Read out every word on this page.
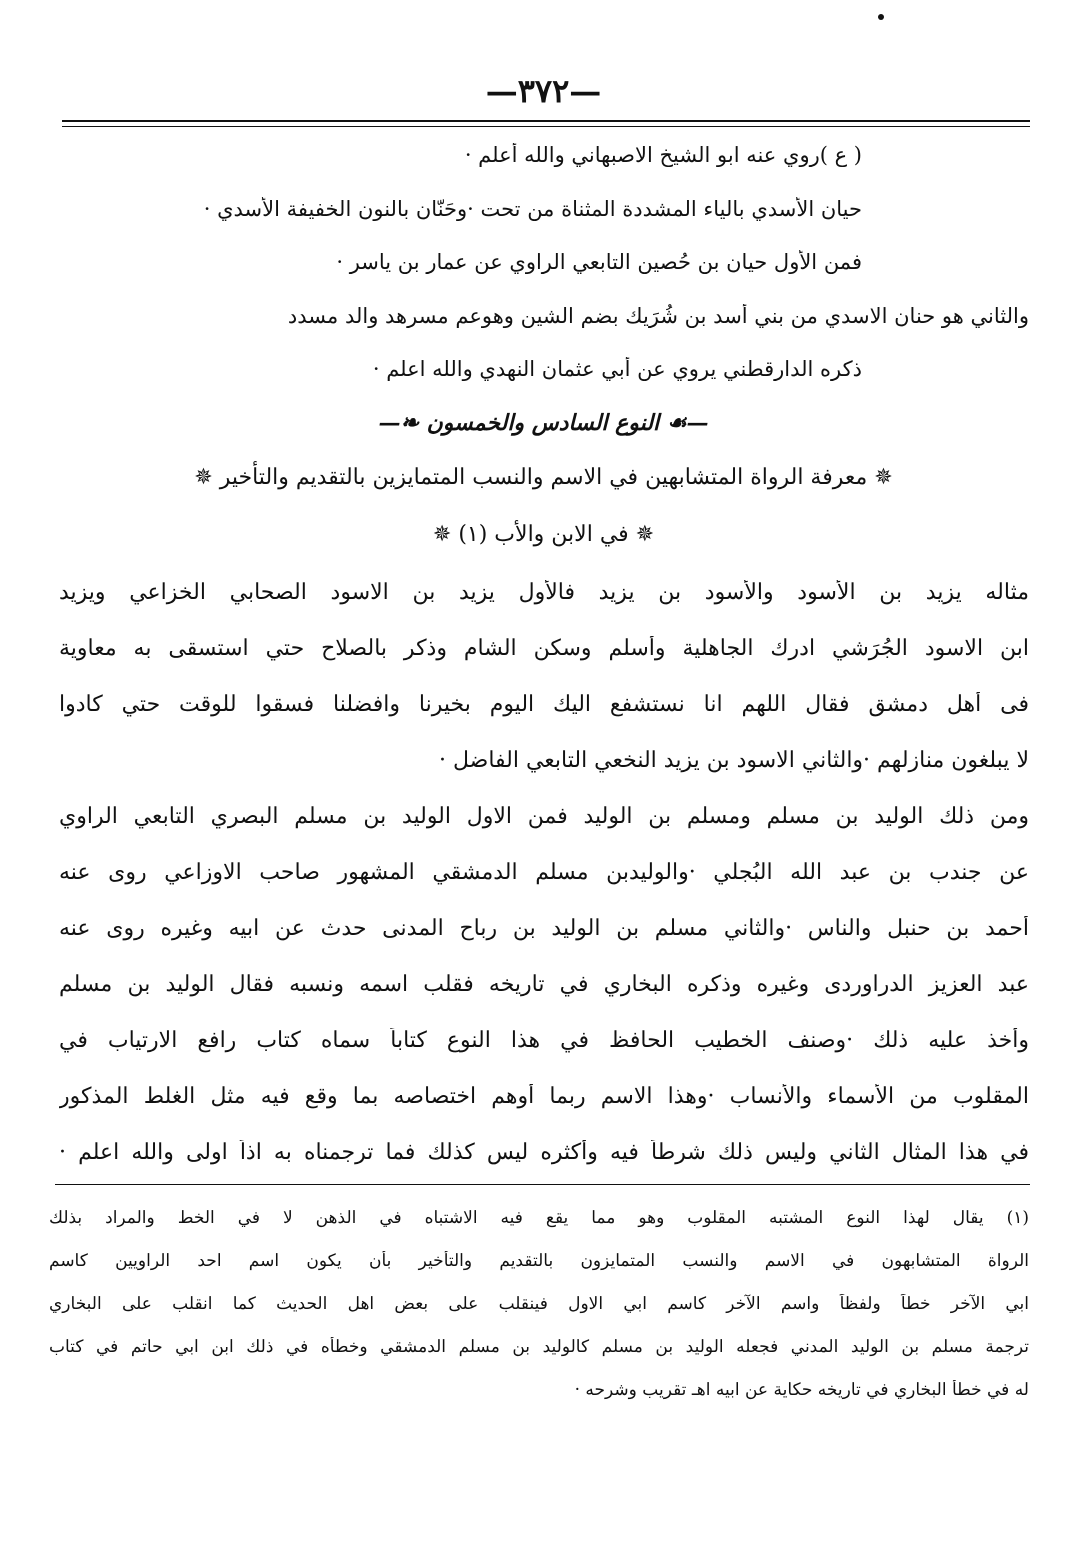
—٣٧٢—
( ع )روي عنه ابو الشيخ الاصبهاني والله أعلم ·
حيان الأسدي بالياء المشددة المثناة من تحت ·وحَنّان بالنون الخفيفة الأسدي ·
فمن الأول حيان بن حُصين التابعي الراوي عن عمار بن ياسر ·
والثاني هو حنان الاسدي من بني أسد بن شُرَيك بضم الشين وهوعم مسرهد والد مسدد
ذكره الدارقطني يروي عن أبي عثمان النهدي والله اعلم ·
—☙ النوع السادس والخمسون ❧—
✵ معرفة الرواة المتشابهين في الاسم والنسب المتمايزين بالتقديم والتأخير ✵
✵ في الابن والأب (١) ✵
مثاله يزيد بن الأسود والأسود بن يزيد فالأول يزيد بن الاسود الصحابي الخزاعي ويزيد
ابن الاسود الجُرَشي ادرك الجاهلية وأسلم وسكن الشام وذكر بالصلاح حتي استسقى به معاوية
فى أهل دمشق فقال اللهم انا نستشفع اليك اليوم بخيرنا وافضلنا فسقوا للوقت حتي كادوا
لا يبلغون منازلهم ·والثاني الاسود بن يزيد النخعي التابعي الفاضل ·
ومن ذلك الوليد بن مسلم ومسلم بن الوليد فمن الاول الوليد بن مسلم البصري التابعي الراوي
عن جندب بن عبد الله البُجلي ·والوليدبن مسلم الدمشقي المشهور صاحب الاوزاعي روى عنه
أحمد بن حنبل والناس ·والثاني مسلم بن الوليد بن رباح المدنى حدث عن ابيه وغيره روى عنه
عبد العزيز الدراوردى وغيره وذكره البخاري في تاريخه فقلب اسمه ونسبه فقال الوليد بن مسلم
وأُخذ عليه ذلك ·وصنف الخطيب الحافظ في هذا النوع كتاباً سماه كتاب رافع الارتياب في
المقلوب من الأسماء والأنساب ·وهذا الاسم ربما أوهم اختصاصه بما وقع فيه مثل الغلط المذكور
في هذا المثال الثاني وليس ذلك شرطاً فيه وأكثره ليس كذلك فما ترجمناه به اذاً اولى والله اعلم ·
(١) يقال لهذا النوع المشتبه المقلوب وهو مما يقع فيه الاشتباه في الذهن لا في الخط والمراد بذلك
الرواة المتشابهون في الاسم والنسب المتمايزون بالتقديم والتأخير بأن يكون اسم احد الراويين كاسم
ابي الآخر خطاً ولفظاً واسم الآخر كاسم ابي الاول فينقلب على بعض اهل الحديث كما انقلب على البخاري
ترجمة مسلم بن الوليد المدني فجعله الوليد بن مسلم كالوليد بن مسلم الدمشقي وخطأه في ذلك ابن ابي حاتم في كتاب
له في خطأ البخاري في تاريخه حكاية عن ابيه اهـ تقريب وشرحه ·
